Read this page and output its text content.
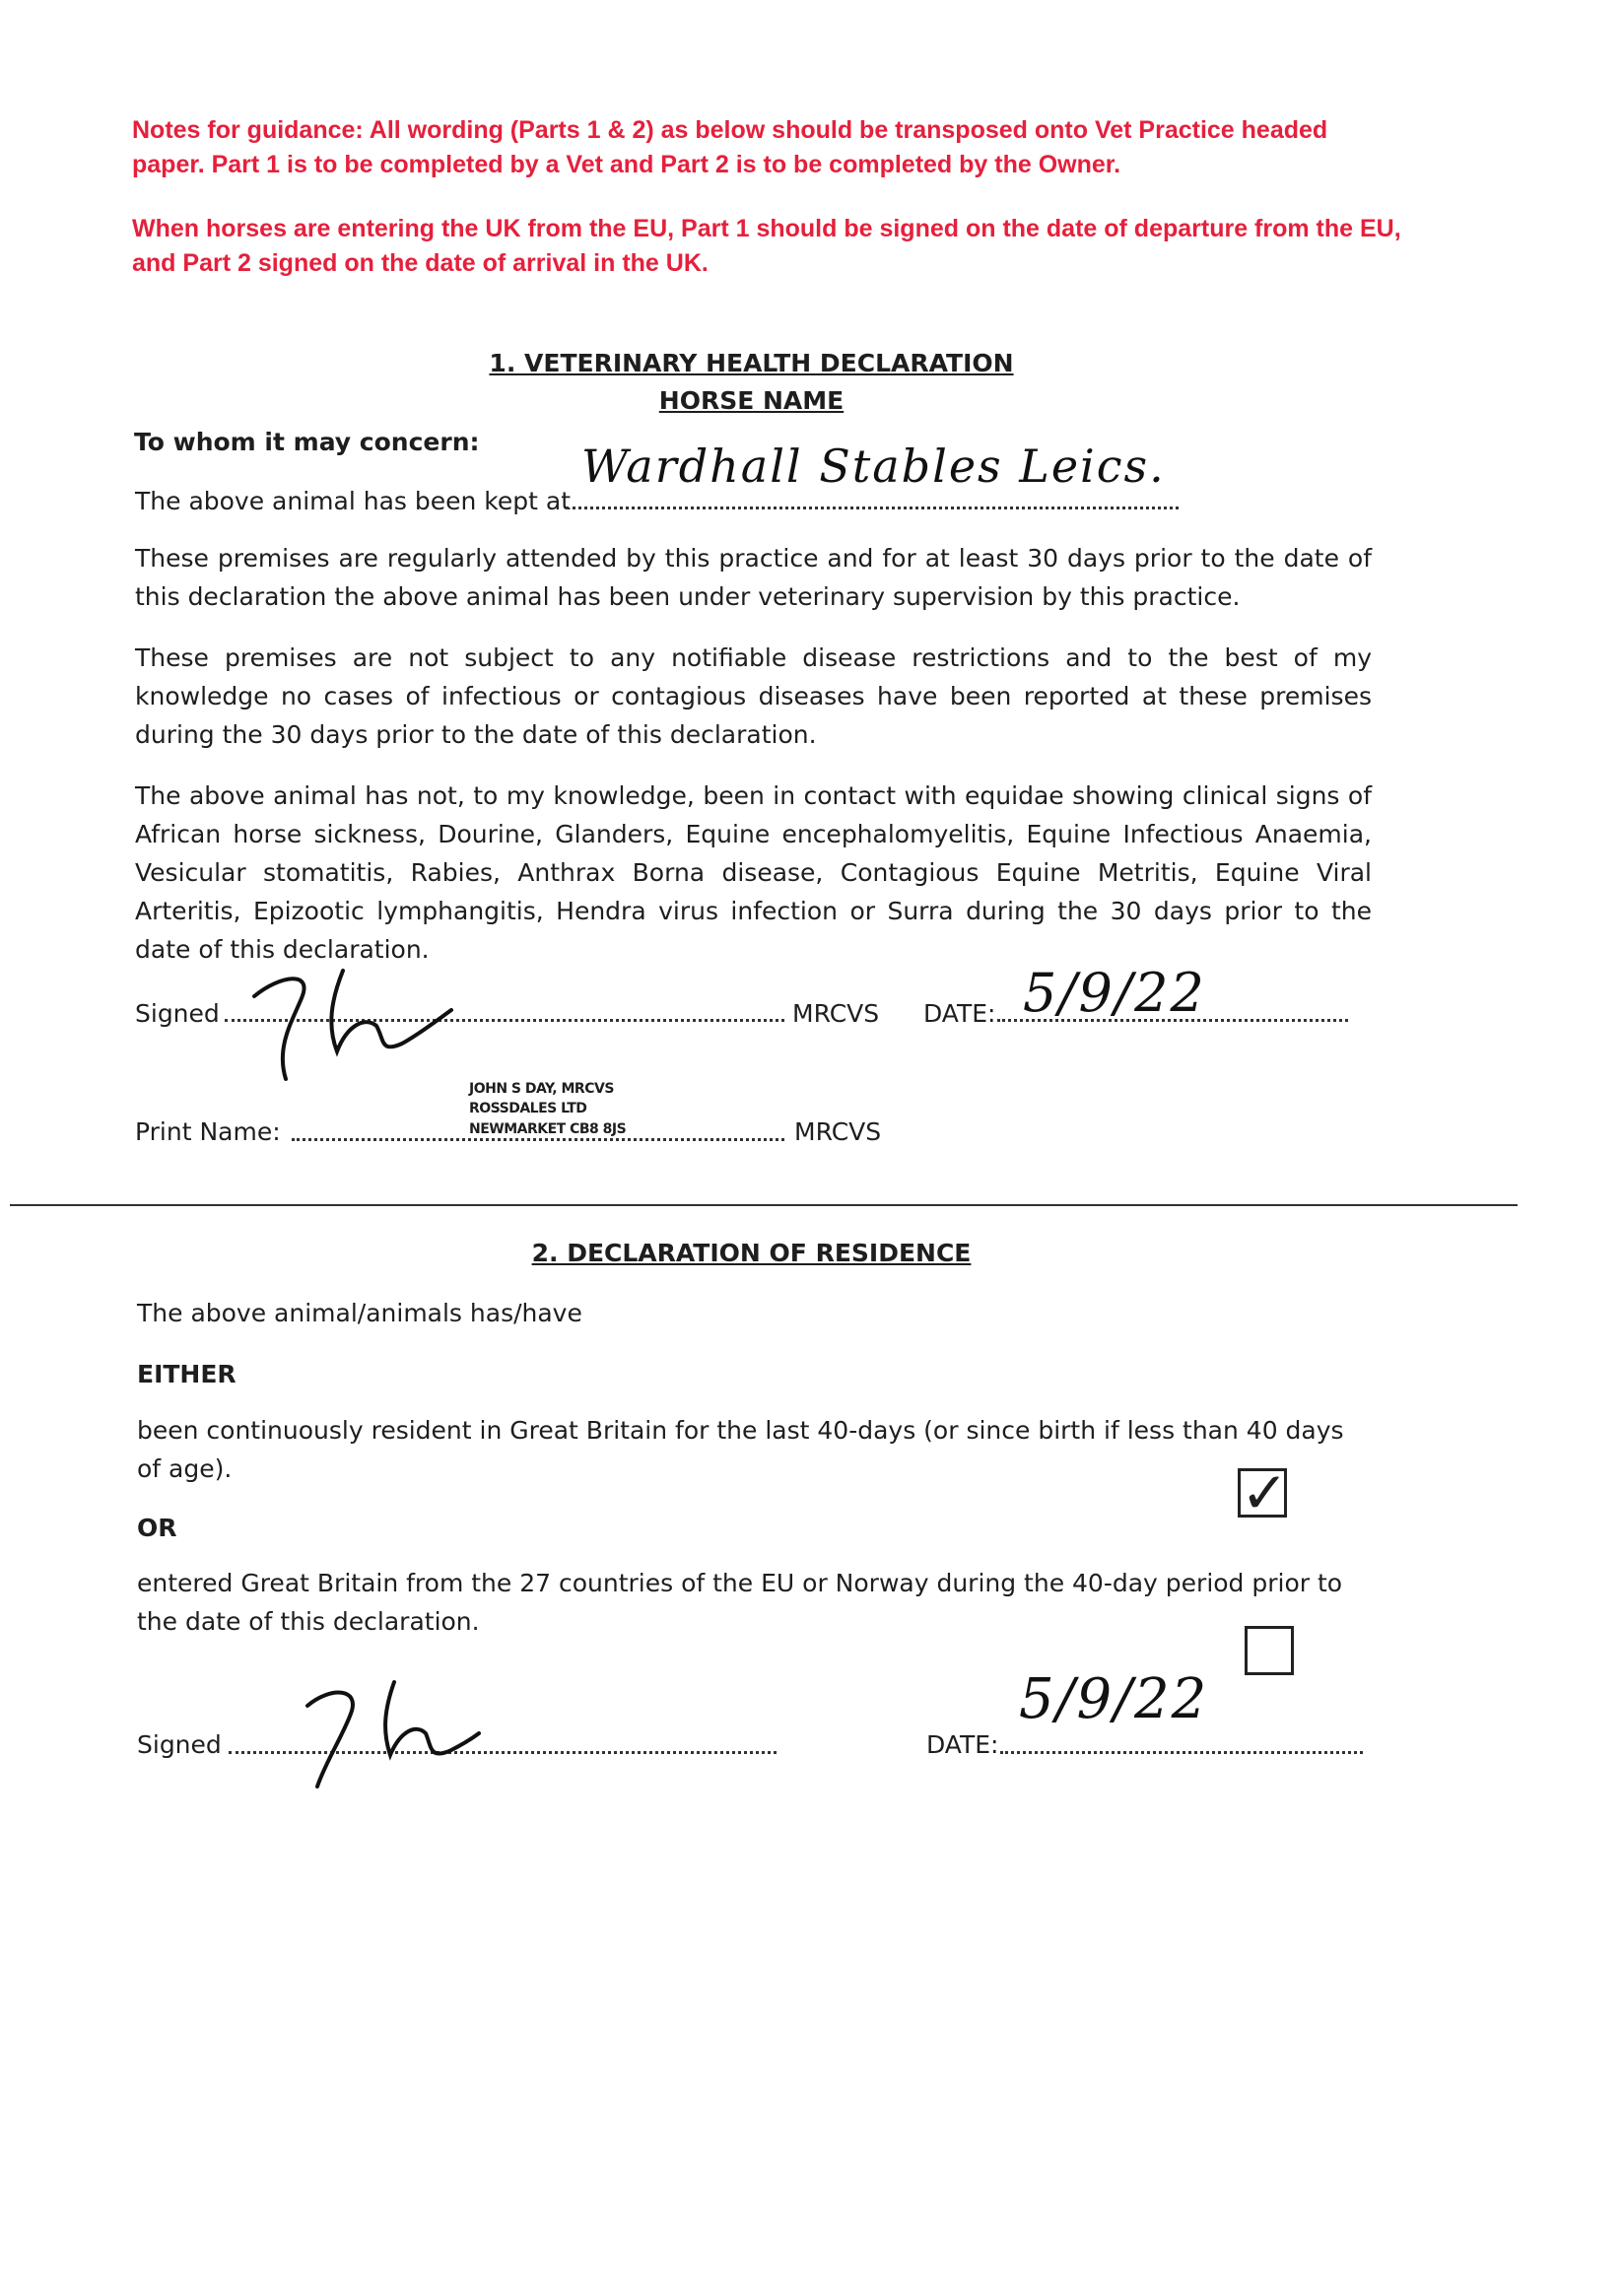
Notes for guidance: All wording (Parts 1 & 2) as below should be transposed onto Vet Practice headed paper. Part 1 is to be completed by a Vet and Part 2 is to be completed by the Owner.
When horses are entering the UK from the EU, Part 1 should be signed on the date of departure from the EU, and Part 2 signed on the date of arrival in the UK.
1. VETERINARY HEALTH DECLARATION
HORSE NAME
To whom it may concern:
The above animal has been kept at
Wardhall Stables Leics.
These premises are regularly attended by this practice and for at least 30 days prior to the date of this declaration the above animal has been under veterinary supervision by this practice.
These premises are not subject to any notifiable disease restrictions and to the best of my knowledge no cases of infectious or contagious diseases have been reported at these premises during the 30 days prior to the date of this declaration.
The above animal has not, to my knowledge, been in contact with equidae showing clinical signs of African horse sickness, Dourine, Glanders, Equine encephalomyelitis, Equine Infectious Anaemia, Vesicular stomatitis, Rabies, Anthrax Borna disease, Contagious Equine Metritis, Equine Viral Arteritis, Epizootic lymphangitis, Hendra virus infection or Surra during the 30 days prior to the date of this declaration.
Signed	MRCVS DATE: 5/9/22
JOHN S DAY, MRCVS
ROSSDALES LTD
NEWMARKET CB8 8JS
Print Name:	MRCVS
2. DECLARATION OF RESIDENCE
The above animal/animals has/have
EITHER
been continuously resident in Great Britain for the last 40-days (or since birth if less than 40 days of age).	✓
OR
entered Great Britain from the 27 countries of the EU or Norway during the 40-day period prior to the date of this declaration.
Signed	DATE:
5/9/22
